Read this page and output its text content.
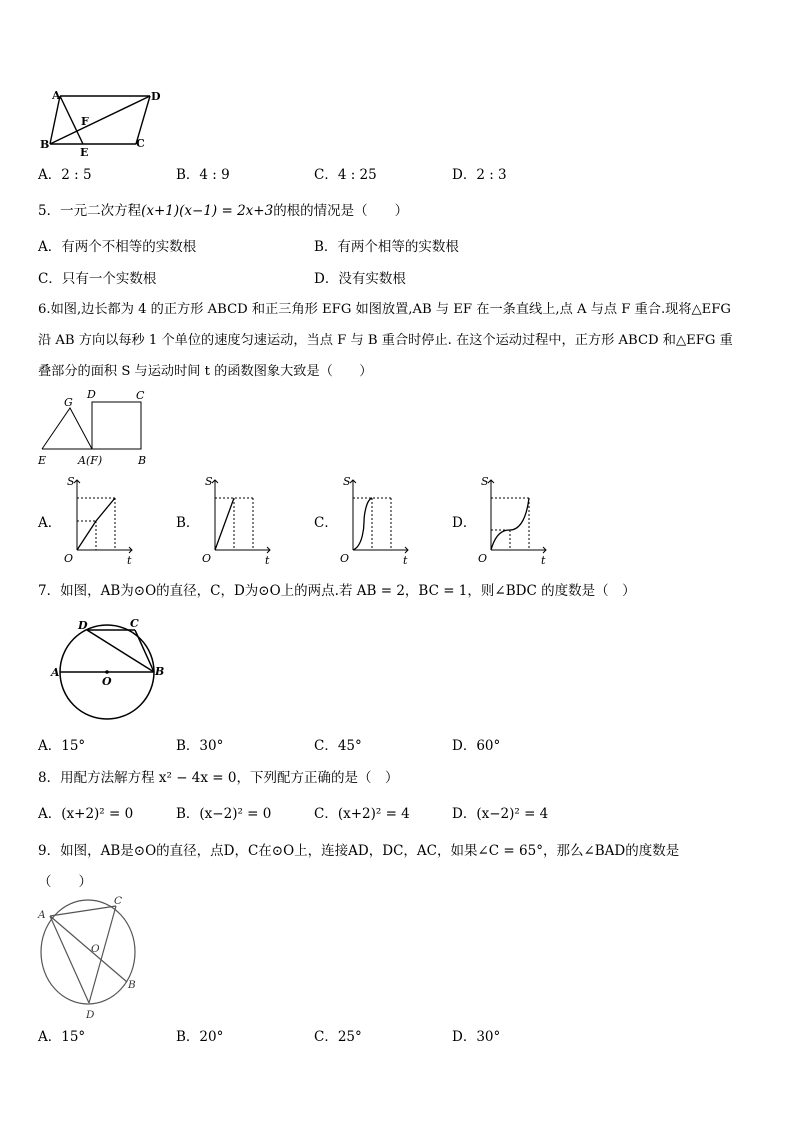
A	D
B	C
E
F
A．2 : 5	B．4 : 9	C．4 : 25	D．2 : 3
5．一元二次方程(x+1)(x−1) = 2x+3的根的情况是（　　）
A．有两个不相等的实数根	B．有两个相等的实数根
C．只有一个实数根	D．没有实数根
6.如图,边长都为 4 的正方形 ABCD 和正三角形 EFG 如图放置,AB 与 EF 在一条直线上,点 A 与点 F 重合.现将△EFG
沿 AB 方向以每秒 1 个单位的速度匀速运动，当点 F 与 B 重合时停止. 在这个运动过程中，正方形 ABCD 和△EFG 重
叠部分的面积 S 与运动时间 t 的函数图象大致是（　　）
G
D	C
E	A(F)	B
A．	B．	C．	D．
S
O	t
S
O	t
S
O	t
S
O	t
7．如图，AB为⊙O的直径，C，D为⊙O上的两点.若 AB = 2，BC = 1，则∠BDC 的度数是（　）
D	C
A	B
O
A．15°	B．30°	C．45°	D．60°
8．用配方法解方程 x² − 4x = 0，下列配方正确的是（　）
A．(x+2)² = 0	B．(x−2)² = 0	C．(x+2)² = 4	D．(x−2)² = 4
9．如图，AB是⊙O的直径，点D，C在⊙O上，连接AD，DC，AC，如果∠C = 65°，那么∠BAD的度数是
（　　）
A
C
O
B
D
A．15°	B．20°	C．25°	D．30°
